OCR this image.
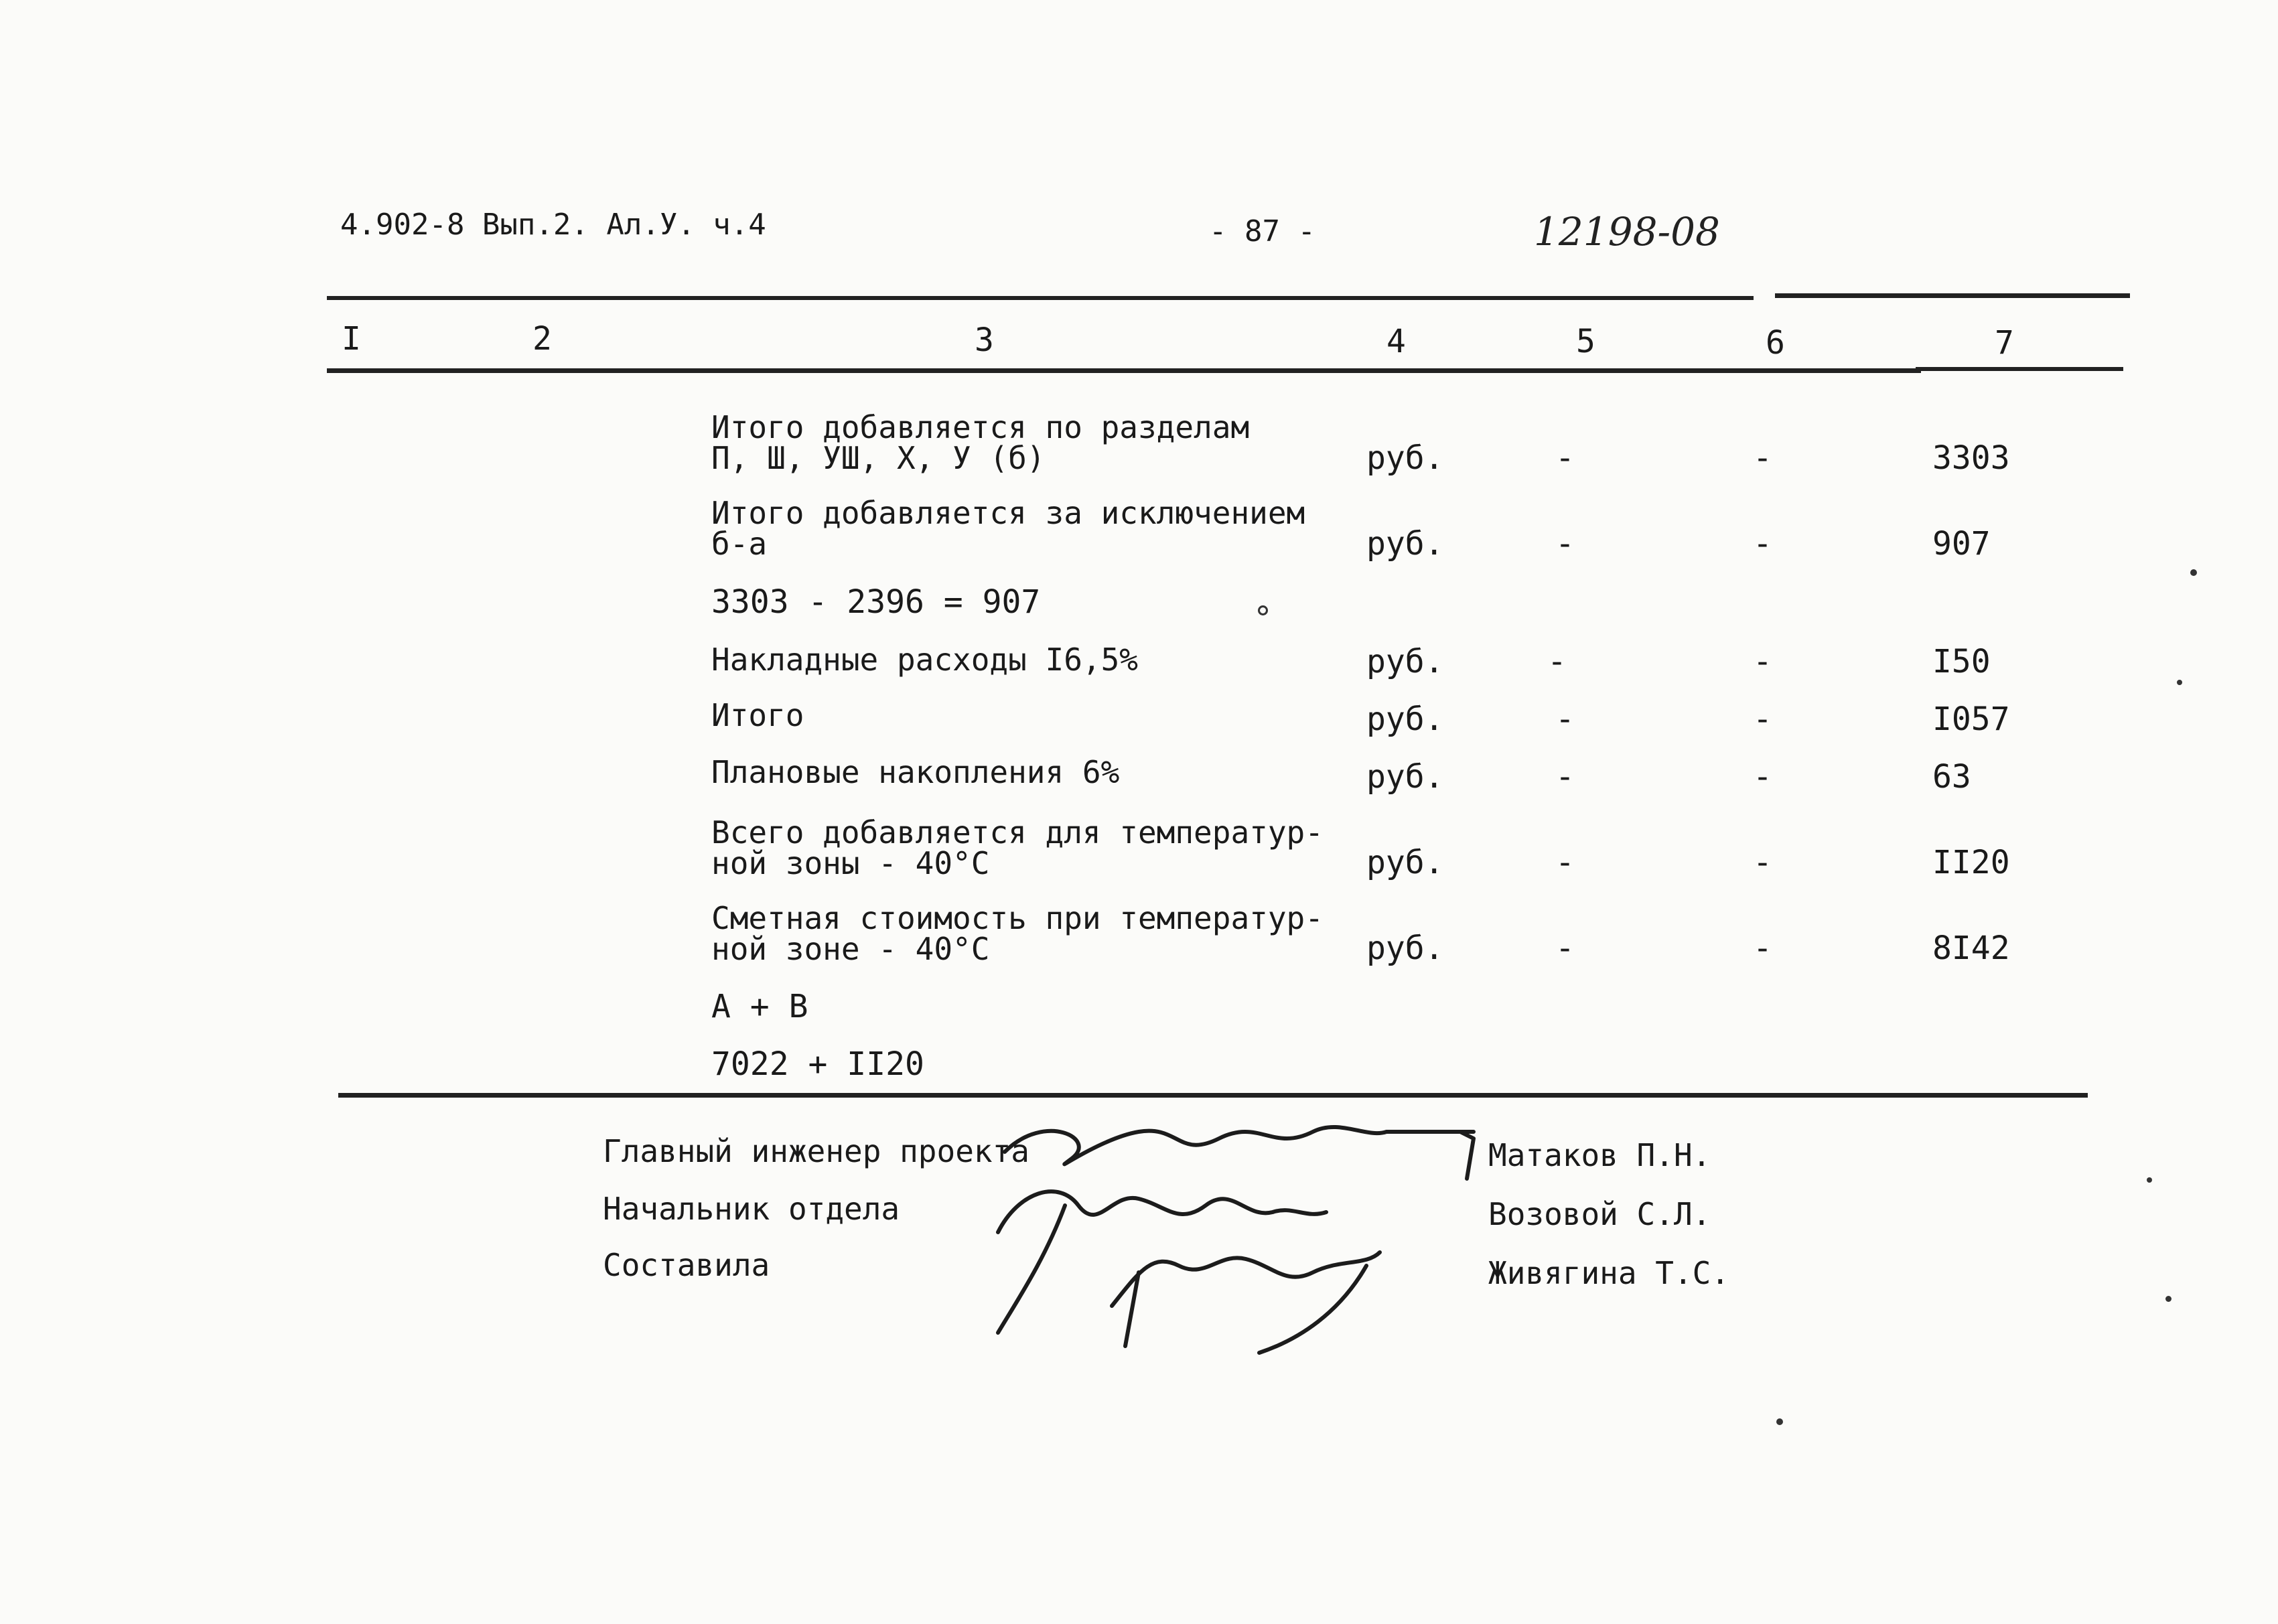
4.902-8 Вып.2. Ал.У. ч.4	- 87 -	12198-08
I	2	3	4	5	6	7
Итого добавляется по разделам
П, Ш, УШ, Х, У (б)	руб.	-	-	3303
Итого добавляется за исключением
б-а	руб.	-	-	907
3303 - 2396 = 907
Накладные расходы I6,5%	руб.	-	-	I50
Итого	руб.	-	-	I057
Плановые накопления 6%	руб.	-	-	63
Всего добавляется для температур-
ной зоны - 40°C	руб.	-	-	II20
Сметная стоимость при температур-
ной зоне - 40°C	руб.	-	-	8I42
А + В
7022 + II20
Главный инженер проекта
Начальник отдела
Составила
Матаков П.Н.
Возовой С.Л.
Живягина Т.С.
